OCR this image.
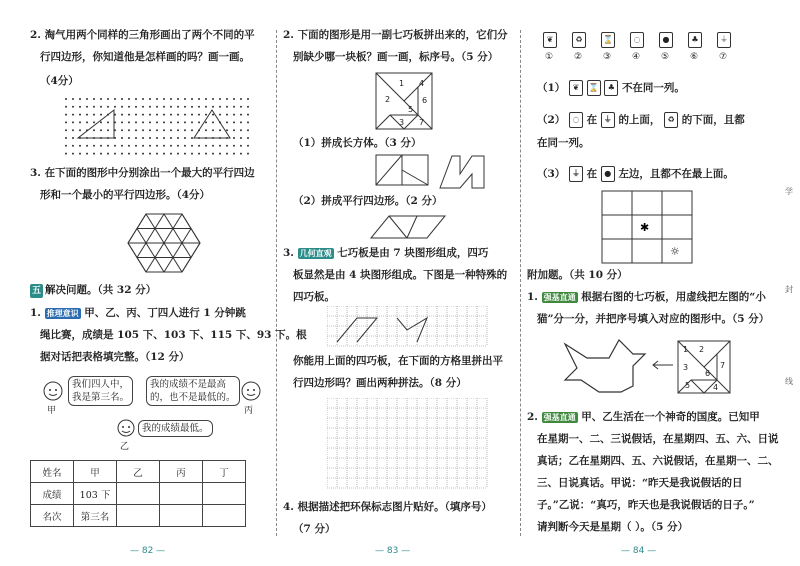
2. 淘气用两个同样的三角形画出了两个不同的平
行四边形，你知道他是怎样画的吗？画一画。
（4分）
3. 在下面的图形中分别涂出一个最大的平行四边
形和一个最小的平行四边形。（4分）
五 解决问题。（共 32 分）
1. 推理意识 甲、乙、丙、丁四人进行 1 分钟跳
绳比赛，成绩是 105 下、103 下、115 下、93 下。根
据对话把表格填完整。（12 分）
甲
我们四人中，
我是第三名。
我的成绩不是最高
的，也不是最低的。
丙
乙
我的成绩最低。
姓名	甲	乙	丙	丁
成绩	103 下			
名次	第三名			
— 82 —
2. 下面的图形是用一副七巧板拼出来的，它们分
别缺少哪一块板？画一画，标序号。（5 分）
1
2
4
6
5
3 7
（1）拼成长方体。（3 分）
（2）拼成平行四边形。（2 分）
3. 几何直观 七巧板是由 7 块图形组成，四巧
板显然是由 4 块图形组成。下图是一种特殊的
四巧板。
你能用上面的四巧板，在下面的方格里拼出平
行四边形吗？画出两种拼法。（8 分）
4. 根据描述把环保标志图片贴好。（填序号）
（7 分）
— 83 —
❦	♻	⌛	◌	●	♣	⏚
① ② ③ ④ ⑤ ⑥ ⑦
（1） ❦ ⌛ ♣ 不在同一列。
（2） ◌ 在 ⏚ 的上面， ♻ 的下面，且都
在同一列。
（3） ⏚ 在 ● 左边，且都不在最上面。
✱
☼
附加题。（共 10 分）
1. 强基直通 根据右图的七巧板，用虚线把左图的“小
猫”分一分，并把序号填入对应的图形中。（5 分）
1 2
3
6
5	4
7
2. 强基直通 甲、乙生活在一个神奇的国度。已知甲
在星期一、二、三说假话，在星期四、五、六、日说
真话；乙在星期四、五、六说假话，在星期一、二、
三、日说真话。甲说：“昨天是我说假话的日
子。”乙说：“真巧，昨天也是我说假话的日子。”
请判断今天是星期（ ）。（5 分）
— 84 —
学
封
线
